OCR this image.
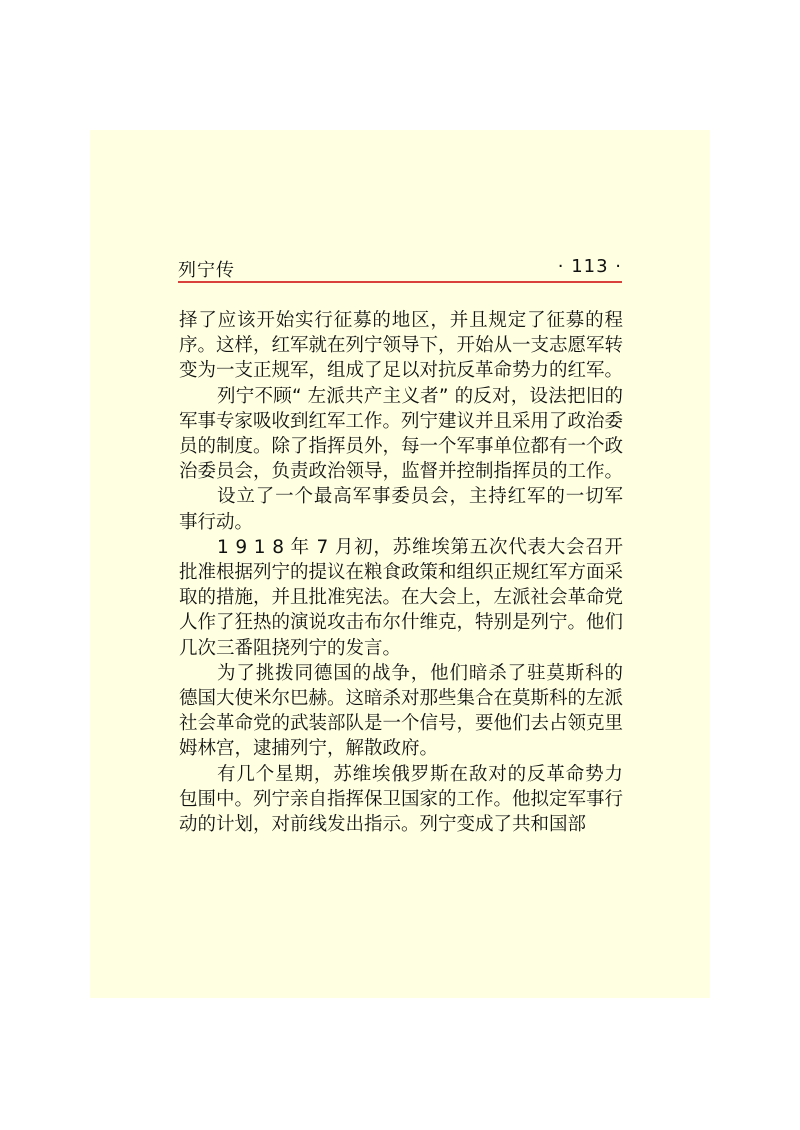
列宁传	· 113 ·

择了应该开始实行征募的地区，并且规定了征募的程序。这样，红军就在列宁领导下，开始从一支志愿军转变为一支正规军，组成了足以对抗反革命势力的红军。

列宁不顾“ 左派共产主义者” 的反对，设法把旧的军事专家吸收到红军工作。列宁建议并且采用了政治委员的制度。除了指挥员外，每一个军事单位都有一个政治委员会，负责政治领导，监督并控制指挥员的工作。

设立了一个最高军事委员会，主持红军的一切军事行动。

1 9 1 8 年 7 月初，苏维埃第五次代表大会召开批准根据列宁的提议在粮食政策和组织正规红军方面采取的措施，并且批准宪法。在大会上，左派社会革命党人作了狂热的演说攻击布尔什维克，特别是列宁。他们几次三番阻挠列宁的发言。

为了挑拨同德国的战争，他们暗杀了驻莫斯科的德国大使米尔巴赫。这暗杀对那些集合在莫斯科的左派社会革命党的武装部队是一个信号，要他们去占领克里姆林宫，逮捕列宁，解散政府。

有几个星期，苏维埃俄罗斯在敌对的反革命势力包围中。列宁亲自指挥保卫国家的工作。他拟定军事行动的计划，对前线发出指示。列宁变成了共和国部
